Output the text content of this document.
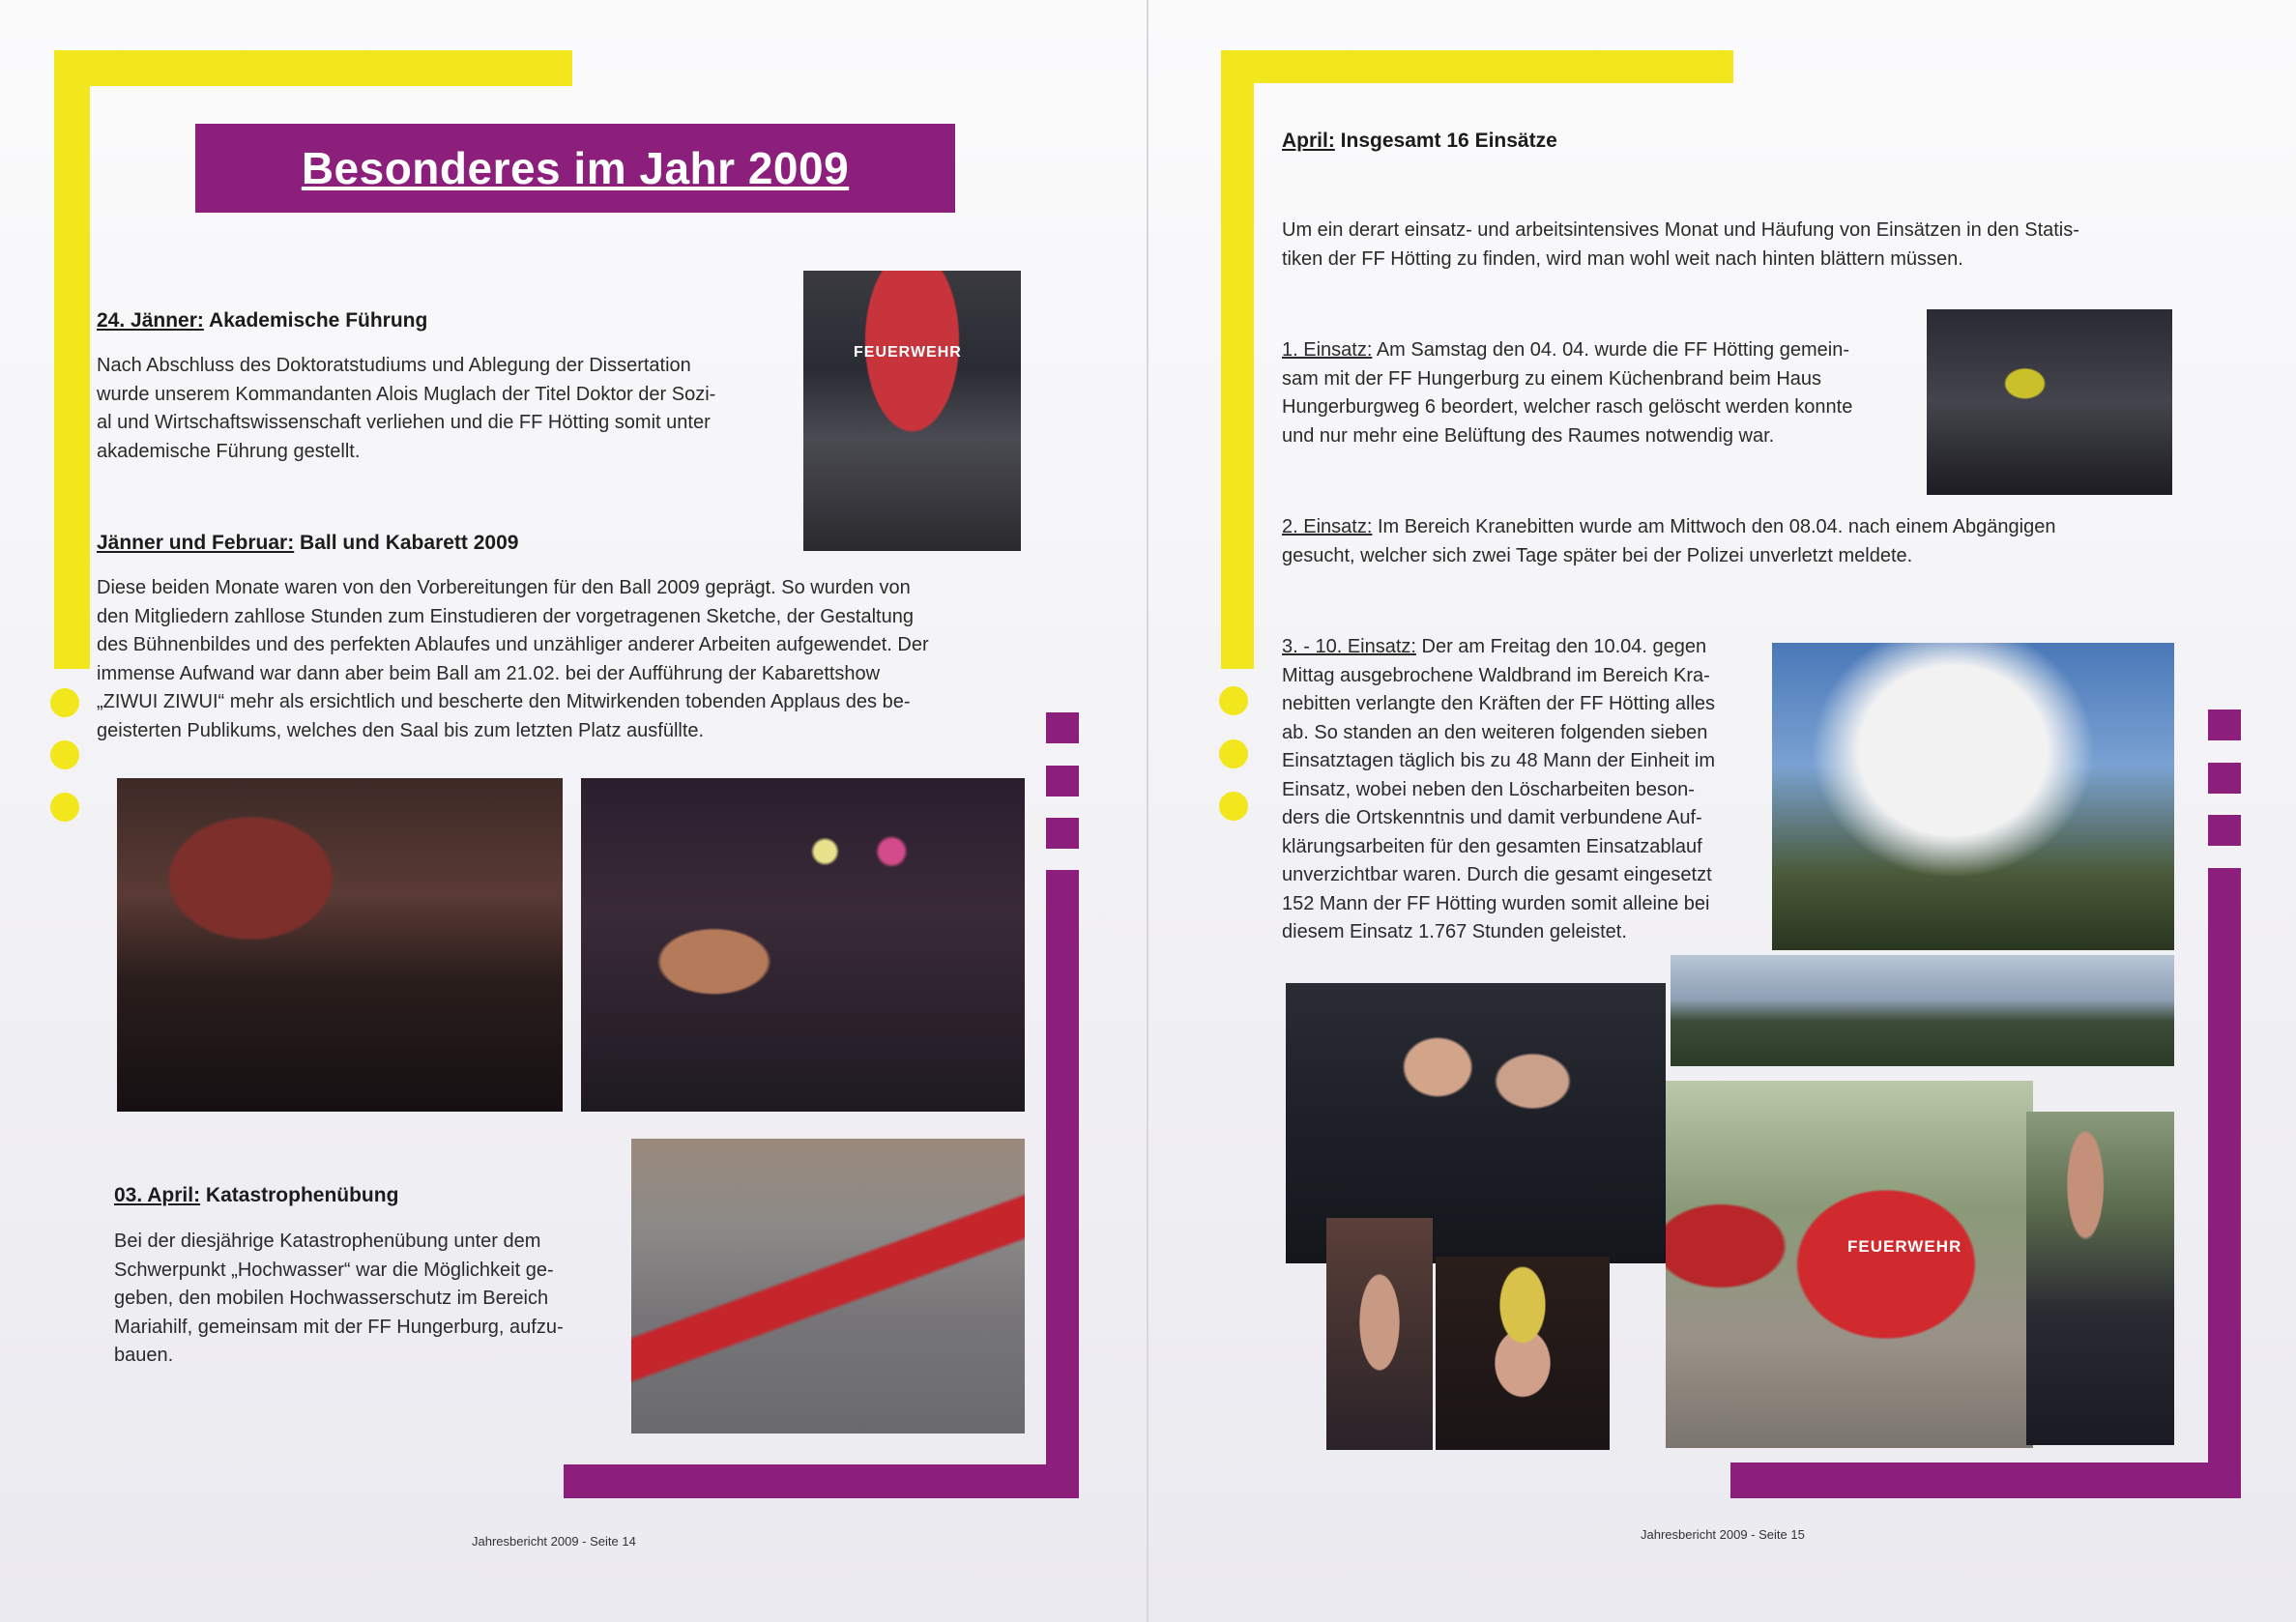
Besonderes im Jahr 2009
24. Jänner: Akademische Führung
Nach Abschluss des Doktoratstudiums und Ablegung der Dissertation
wurde unserem Kommandanten Alois Muglach der Titel Doktor der Sozi-
al und Wirtschaftswissenschaft verliehen und die FF Hötting somit unter
akademische Führung gestellt.
FEUERWEHR
Jänner und Februar: Ball und Kabarett 2009
Diese beiden Monate waren von den Vorbereitungen für den Ball 2009 geprägt. So wurden von
den Mitgliedern zahllose Stunden zum Einstudieren der vorgetragenen Sketche, der Gestaltung
des Bühnenbildes und des perfekten Ablaufes und unzähliger anderer Arbeiten aufgewendet. Der
immense Aufwand war dann aber beim Ball am 21.02. bei der Aufführung der Kabarettshow
„ZIWUI ZIWUI“ mehr als ersichtlich und bescherte den Mitwirkenden tobenden Applaus des be-
geisterten Publikums, welches den Saal bis zum letzten Platz ausfüllte.
03. April: Katastrophenübung
Bei der diesjährige Katastrophenübung unter dem
Schwerpunkt „Hochwasser“ war die Möglichkeit ge-
geben, den mobilen Hochwasserschutz im Bereich
Mariahilf, gemeinsam mit der FF Hungerburg, aufzu-
bauen.
Jahresbericht 2009 - Seite 14
April: Insgesamt 16 Einsätze
Um ein derart einsatz- und arbeitsintensives Monat und Häufung von Einsätzen in den Statis-
tiken der FF Hötting zu finden, wird man wohl weit nach hinten blättern müssen.
1. Einsatz: Am Samstag den 04. 04. wurde die FF Hötting gemein-
sam mit der FF Hungerburg zu einem Küchenbrand beim Haus
Hungerburgweg 6 beordert, welcher rasch gelöscht werden konnte
und nur mehr eine Belüftung des Raumes notwendig war.
2. Einsatz: Im Bereich Kranebitten wurde am Mittwoch den 08.04. nach einem Abgängigen
gesucht, welcher sich zwei Tage später bei der Polizei unverletzt meldete.
3. - 10. Einsatz: Der am Freitag den 10.04. gegen
Mittag ausgebrochene Waldbrand im Bereich Kra-
nebitten verlangte den Kräften der FF Hötting alles
ab. So standen an den weiteren folgenden sieben
Einsatztagen täglich bis zu 48 Mann der Einheit im
Einsatz, wobei neben den Löscharbeiten beson-
ders die Ortskenntnis und damit verbundene Auf-
klärungsarbeiten für den gesamten Einsatzablauf
unverzichtbar waren. Durch die gesamt eingesetzt
152 Mann der FF Hötting wurden somit alleine bei
diesem Einsatz 1.767 Stunden geleistet.
FEUERWEHR
Jahresbericht 2009 - Seite 15
